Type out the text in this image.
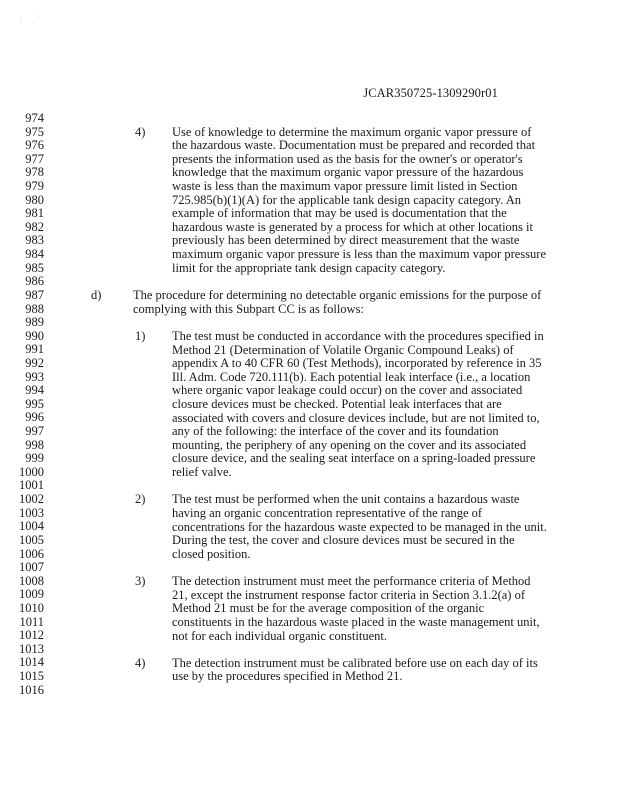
|       '
JCAR350725-1309290r01
974
975
976
977
978
979
980
981
982
983
984
985
986
987
988
989
990
991
992
993
994
995
996
997
998
999
1000
1001
1002
1003
1004
1005
1006
1007
1008
1009
1010
1011
1012
1013
1014
1015
1016
4) Use of knowledge to determine the maximum organic vapor pressure of
the hazardous waste. Documentation must be prepared and recorded that
presents the information used as the basis for the owner's or operator's
knowledge that the maximum organic vapor pressure of the hazardous
waste is less than the maximum vapor pressure limit listed in Section
725.985(b)(1)(A) for the applicable tank design capacity category. An
example of information that may be used is documentation that the
hazardous waste is generated by a process for which at other locations it
previously has been determined by direct measurement that the waste
maximum organic vapor pressure is less than the maximum vapor pressure
limit for the appropriate tank design capacity category.
d)	The procedure for determining no detectable organic emissions for the purpose of
complying with this Subpart CC is as follows:
1) The test must be conducted in accordance with the procedures specified in
Method 21 (Determination of Volatile Organic Compound Leaks) of
appendix A to 40 CFR 60 (Test Methods), incorporated by reference in 35
Ill. Adm. Code 720.111(b). Each potential leak interface (i.e., a location
where organic vapor leakage could occur) on the cover and associated
closure devices must be checked. Potential leak interfaces that are
associated with covers and closure devices include, but are not limited to,
any of the following: the interface of the cover and its foundation
mounting, the periphery of any opening on the cover and its associated
closure device, and the sealing seat interface on a spring-loaded pressure
relief valve.
2) The test must be performed when the unit contains a hazardous waste
having an organic concentration representative of the range of
concentrations for the hazardous waste expected to be managed in the unit.
During the test, the cover and closure devices must be secured in the
closed position.
3) The detection instrument must meet the performance criteria of Method
21, except the instrument response factor criteria in Section 3.1.2(a) of
Method 21 must be for the average composition of the organic
constituents in the hazardous waste placed in the waste management unit,
not for each individual organic constituent.
4) The detection instrument must be calibrated before use on each day of its
use by the procedures specified in Method 21.
